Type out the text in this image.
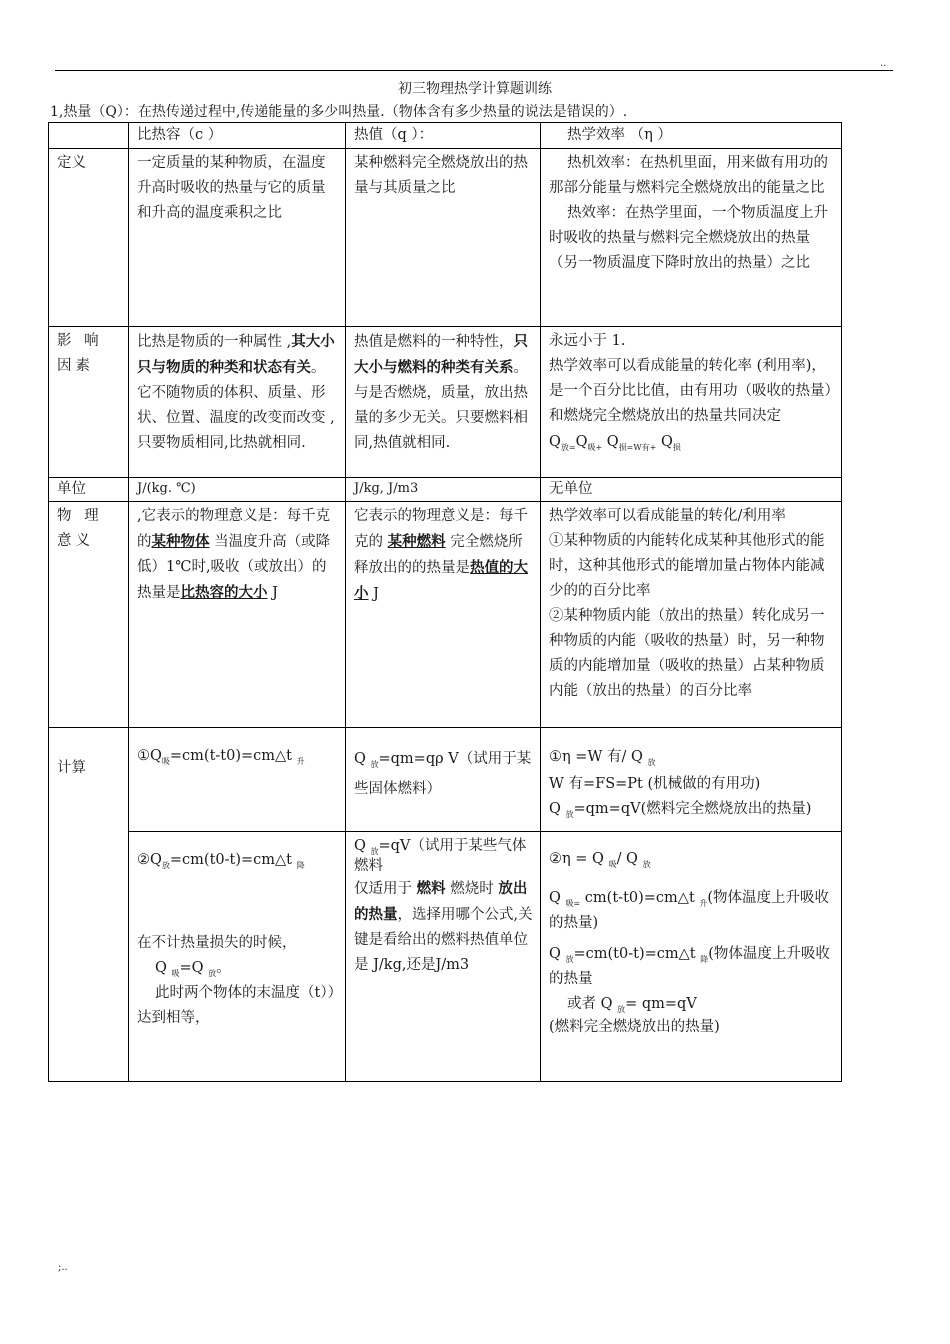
..
初三物理热学计算题训练
1,热量（Q）：在热传递过程中,传递能量的多少叫热量.（物体含有多少热量的说法是错误的）.
	比热容（c ）	热值（q ）：	热学效率 （η ）
定义	一定质量的某种物质，在温度升高时吸收的热量与它的质量和升高的温度乘积之比	某种燃料完全燃烧放出的热量与其质量之比	热机效率：在热机里面，用来做有用功的那部分能量与燃料完全燃烧放出的能量之比
热效率：在热学里面，一个物质温度上升时吸收的热量与燃料完全燃烧放出的热量（另一物质温度下降时放出的热量）之比

影 响 因素	比热是物质的一种属性 ,其大小只与物质的种类和状态有关。它不随物质的体积、质量、形状、位置、温度的改变而改变 ,只要物质相同,比热就相同.	热值是燃料的一种特性，只大小与燃料的种类有关系。与是否燃烧，质量，放出热量的多少无关。只要燃料相同,热值就相同.	永远小于 1.
热学效率可以看成能量的转化率 (利用率)，是一个百分比比值，由有用功（吸收的热量）和燃烧完全燃烧放出的热量共同决定
$Q_{放=}Q_{吸+}$ $Q_{损=W有+}$ $Q_损$

单位	J/(kg. ℃)	J/kg, J/m3	无单位
物 理 意义	,它表示的物理意义是：每千克的某种物体 当温度升高（或降低）1℃时,吸收（或放出）的热量是比热容的大小 J	它表示的物理意义是：每千克的 某种燃料 完全燃烧所释放出的的热量是热值的大小 J	热学效率可以看成能量的转化/利用率
①某种物质的内能转化成某种其他形式的能时，这种其他形式的能增加量占物体内能减少的的百分比率
②某种物质内能（放出的热量）转化成另一种物质的内能（吸收的热量）时，另一种物质的内能增加量（吸收的热量）占某种物质内能（放出的热量）的百分比率

计算	$①Q_吸=cm(t-t0)=cm\triangle t$ $_升$	Q $_放$=qm=qρ V（试用于某些固体燃料）	①η =W 有/ Q $_放$
W 有=FS=Pt (机械做的有用功)
Q $_放$=qm=qV(燃料完全燃烧放出的热量)

	$②Q_放=cm(t0-t)=cm\triangle t$ $_降$
在不计热量损失的时候，
Q $_吸$=Q $_放$。
此时两个物体的末温度（t））达到相等，	Q $_放$=qV（试用于某些气体燃料
仅适用于 燃料 燃烧时 放出的热量，选择用哪个公式,关键是看给出的燃料热值单位是 J/kg,还是J/m3	②η = Q $_吸$/ Q $_放$
Q $_{吸=}$ cm(t-t0)=cm△t $_升$(物体温度上升吸收的热量)
Q $_放$=cm(t0-t)=cm△t $_降$(物体温度上升吸收的热量
或者 Q $_放$= qm=qV
(燃料完全燃烧放出的热量)
;..
